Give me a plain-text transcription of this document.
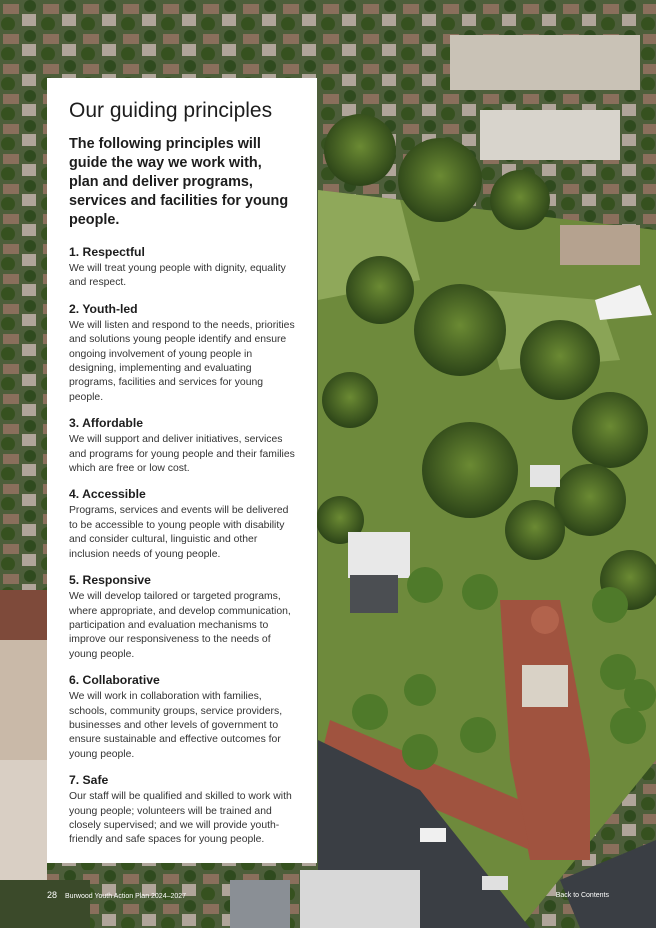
Our guiding principles

The following principles will guide the way we work with, plan and deliver programs, services and facilities for young people.

1. Respectful

We will treat young people with dignity, equality and respect.

2. Youth-led

We will listen and respond to the needs, priorities and solutions young people identify and ensure ongoing involvement of young people in designing, implementing and evaluating programs, facilities and services for young people.

3. Affordable

We will support and deliver initiatives, services and programs for young people and their families which are free or low cost.

4. Accessible

Programs, services and events will be delivered to be accessible to young people with disability and consider cultural, linguistic and other inclusion needs of young people.

5. Responsive

We will develop tailored or targeted programs, where appropriate, and develop communication, participation and evaluation mechanisms to improve our responsiveness to the needs of young people.

6. Collaborative

We will work in collaboration with families, schools, community groups, service providers, businesses and other levels of government to ensure sustainable and effective outcomes for young people.

7. Safe

Our staff will be qualified and skilled to work with young people; volunteers will be trained and closely supervised; and we will provide youth-friendly and safe spaces for young people.

28 Burwood Youth Action Plan 2024–2027	Back to Contents
